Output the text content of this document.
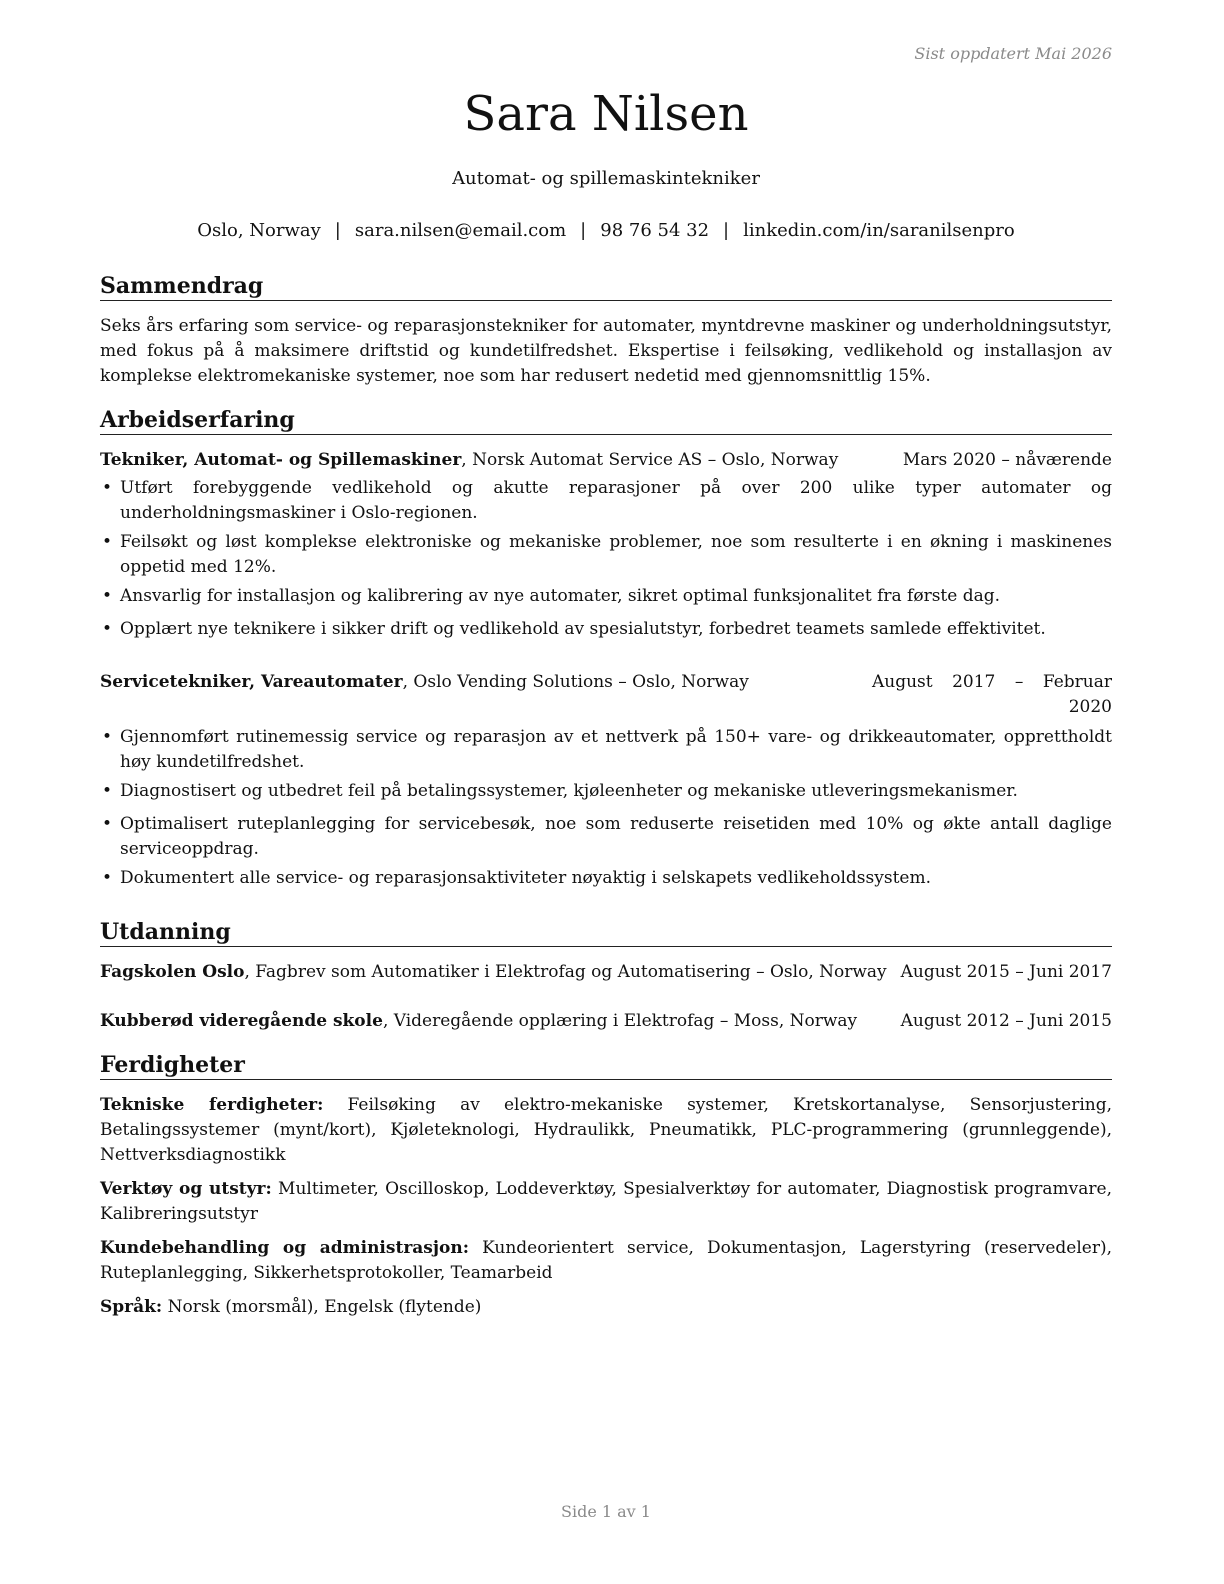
Sist oppdatert Mai 2026
Sara Nilsen
Automat- og spillemaskintekniker
Oslo, Norway | sara.nilsen@email.com | 98 76 54 32 | linkedin.com/in/saranilsenpro
Sammendrag

Seks års erfaring som service- og reparasjonstekniker for automater, myntdrevne maskiner og underholdningsutstyr, med fokus på å maksimere driftstid og kundetilfredshet. Ekspertise i feilsøking, vedlikehold og installasjon av komplekse elektromekaniske systemer, noe som har redusert nedetid med gjennomsnittlig 15%.

Arbeidserfaring
Tekniker, Automat- og Spillemaskiner, Norsk Automat Service AS – Oslo, Norway	Mars 2020 – nåværende
• Utført forebyggende vedlikehold og akutte reparasjoner på over 200 ulike typer automater og underholdningsmaskiner i Oslo-regionen.
• Feilsøkt og løst komplekse elektroniske og mekaniske problemer, noe som resulterte i en økning i maskinenes oppetid med 12%.
• Ansvarlig for installasjon og kalibrering av nye automater, sikret optimal funksjonalitet fra første dag.
• Opplært nye teknikere i sikker drift og vedlikehold av spesialutstyr, forbedret teamets samlede effektivitet.
Servicetekniker, Vareautomater, Oslo Vending Solutions – Oslo, Norway	August 2017 – Februar 2020
• Gjennomført rutinemessig service og reparasjon av et nettverk på 150+ vare- og drikkeautomater, opprettholdt høy kundetilfredshet.
• Diagnostisert og utbedret feil på betalingssystemer, kjøleenheter og mekaniske utleveringsmekanismer.
• Optimalisert ruteplanlegging for servicebesøk, noe som reduserte reisetiden med 10% og økte antall daglige serviceoppdrag.
• Dokumentert alle service- og reparasjonsaktiviteter nøyaktig i selskapets vedlikeholdssystem.
Utdanning
Fagskolen Oslo, Fagbrev som Automatiker i Elektrofag og Automatisering – Oslo, Norway August 2015 – Juni 2017
Kubberød videregående skole, Videregående opplæring i Elektrofag – Moss, Norway	August 2012 – Juni 2015
Ferdigheter

Tekniske ferdigheter: Feilsøking av elektro-mekaniske systemer, Kretskortanalyse, Sensorjustering, Betalingssystemer (mynt/kort), Kjøleteknologi, Hydraulikk, Pneumatikk, PLC-programmering (grunnleggende), Nettverksdiagnostikk

Verktøy og utstyr: Multimeter, Oscilloskop, Loddeverktøy, Spesialverktøy for automater, Diagnostisk programvare, Kalibreringsutstyr

Kundebehandling og administrasjon: Kundeorientert service, Dokumentasjon, Lagerstyring (reservedeler), Ruteplanlegging, Sikkerhetsprotokoller, Teamarbeid

Språk: Norsk (morsmål), Engelsk (flytende)

Side 1 av 1
